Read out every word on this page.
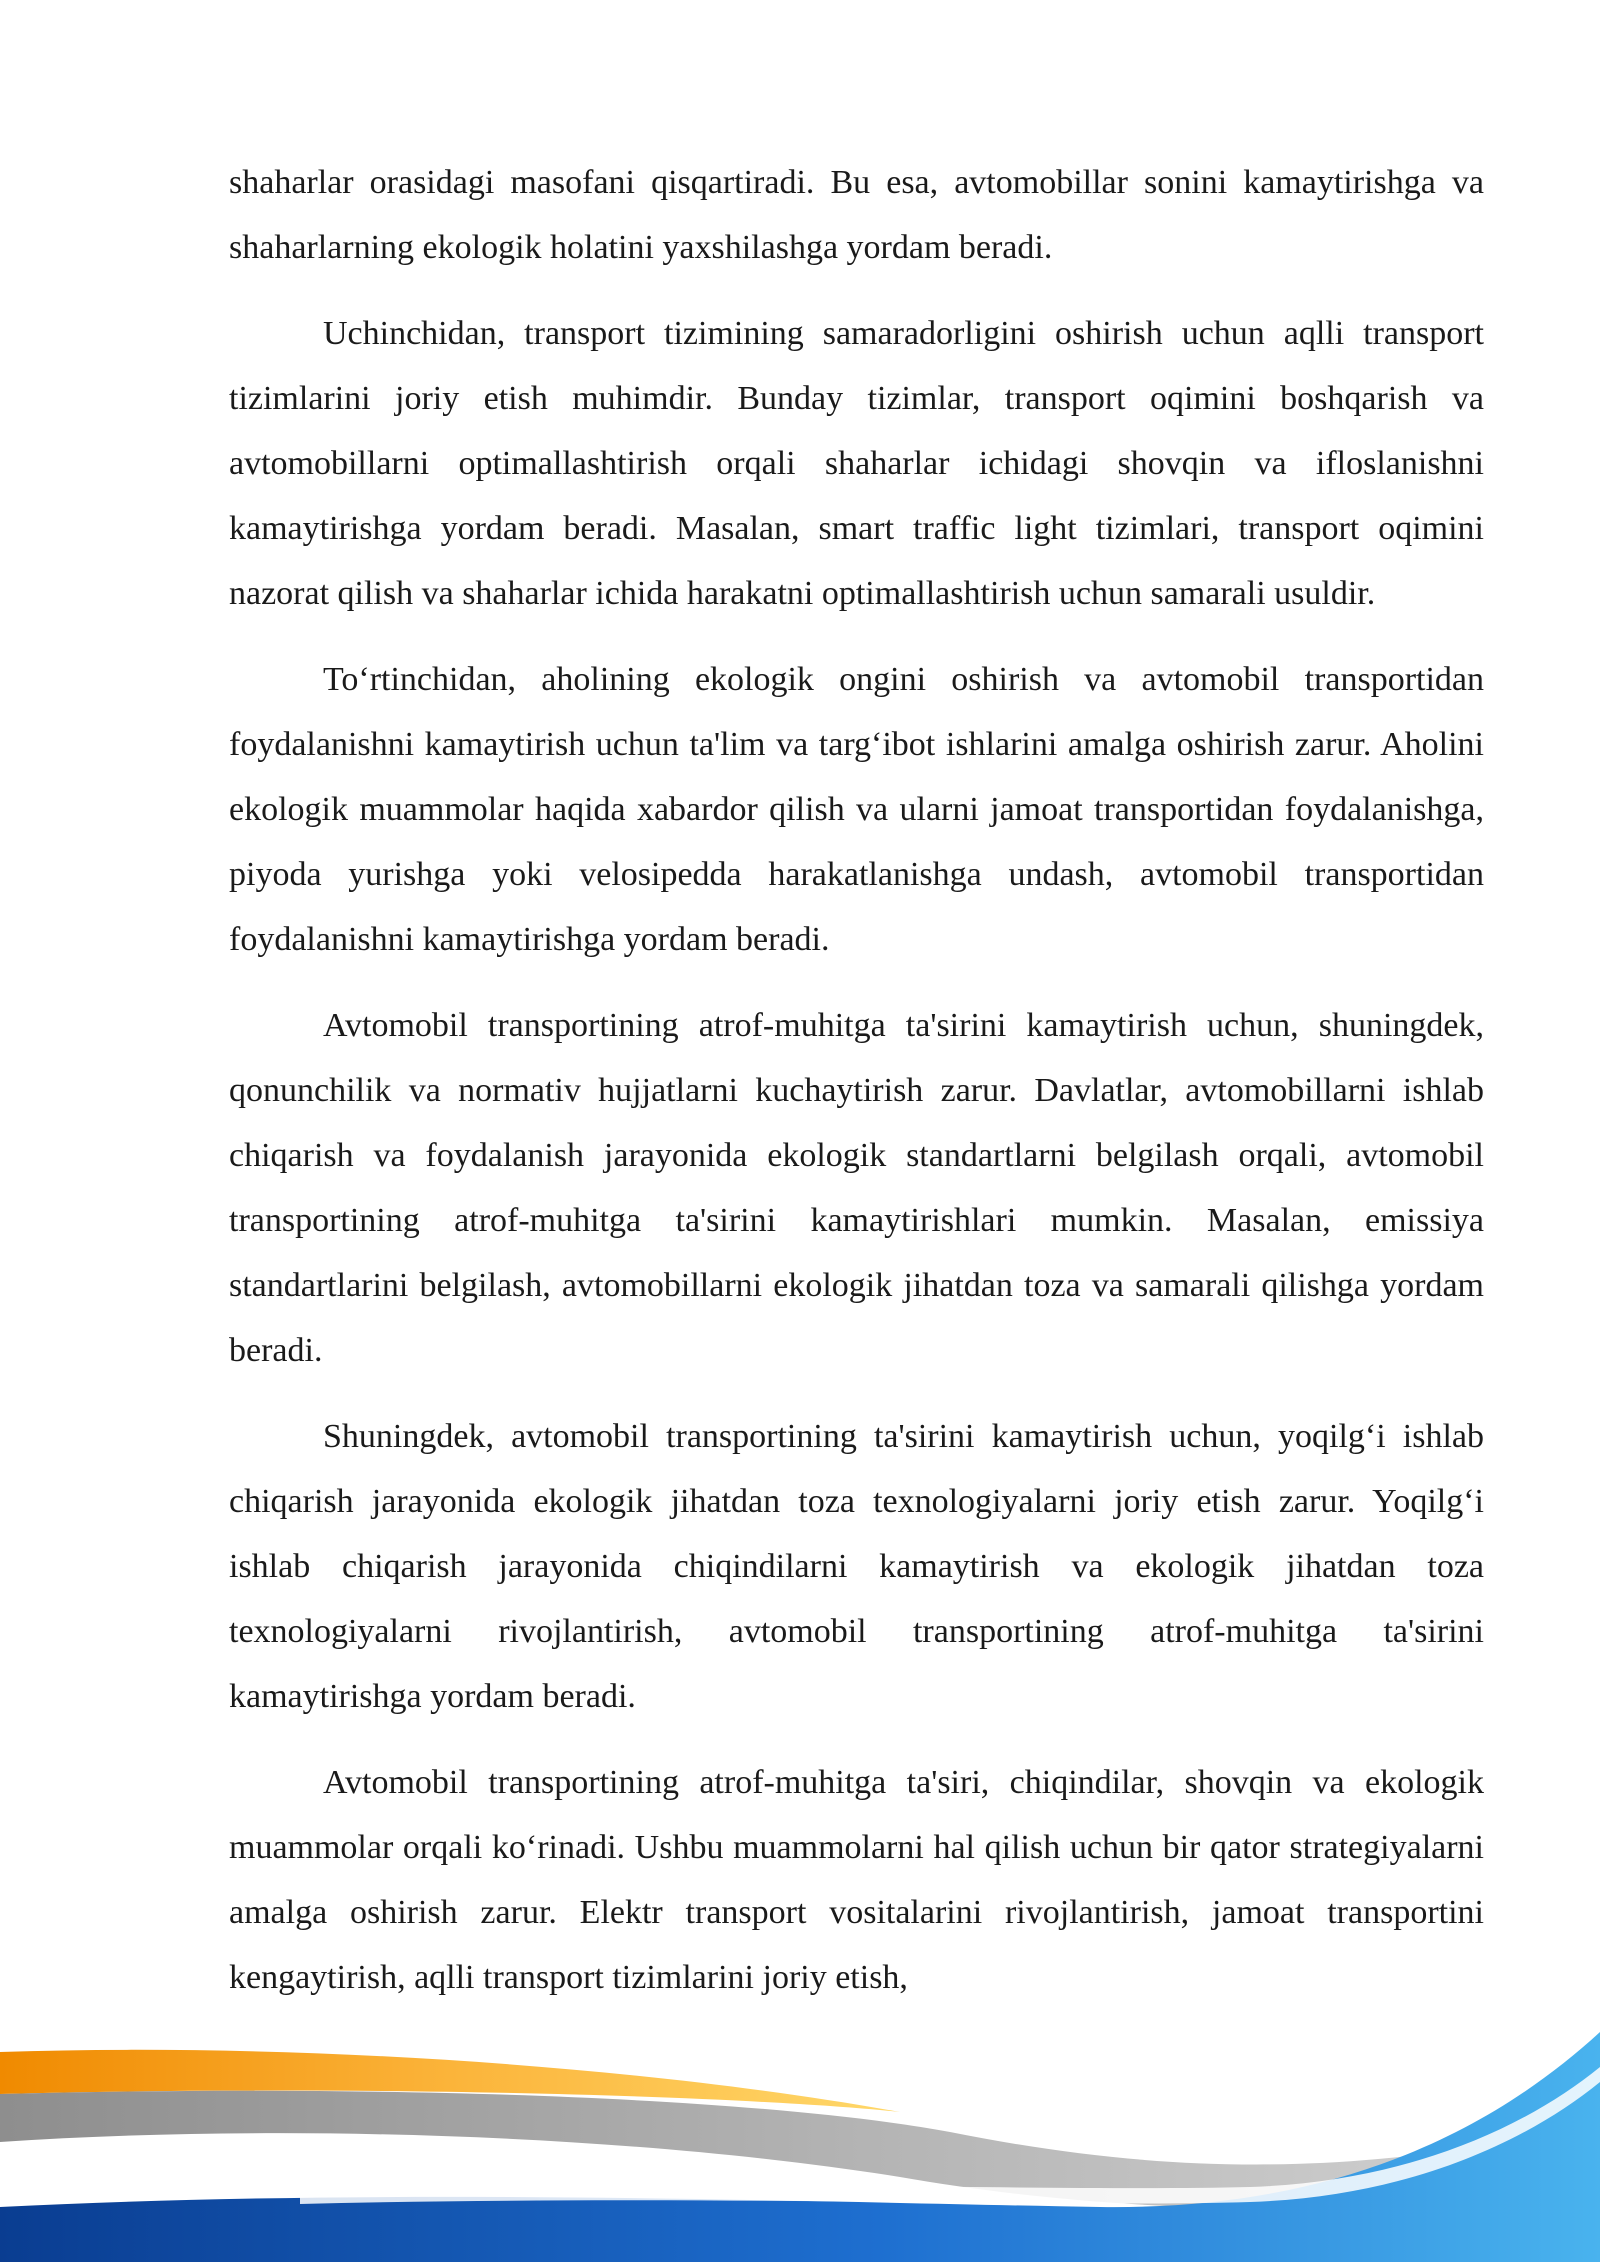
shaharlar orasidagi masofani qisqartiradi. Bu esa, avtomobillar sonini kamaytirishga va shaharlarning ekologik holatini yaxshilashga yordam beradi.

Uchinchidan, transport tizimining samaradorligini oshirish uchun aqlli transport tizimlarini joriy etish muhimdir. Bunday tizimlar, transport oqimini boshqarish va avtomobillarni optimallashtirish orqali shaharlar ichidagi shovqin va ifloslanishni kamaytirishga yordam beradi. Masalan, smart traffic light tizimlari, transport oqimini nazorat qilish va shaharlar ichida harakatni optimallashtirish uchun samarali usuldir.

To‘rtinchidan, aholining ekologik ongini oshirish va avtomobil transportidan foydalanishni kamaytirish uchun ta'lim va targ‘ibot ishlarini amalga oshirish zarur. Aholini ekologik muammolar haqida xabardor qilish va ularni jamoat transportidan foydalanishga, piyoda yurishga yoki velosipedda harakatlanishga undash, avtomobil transportidan foydalanishni kamaytirishga yordam beradi.

Avtomobil transportining atrof-muhitga ta'sirini kamaytirish uchun, shuningdek, qonunchilik va normativ hujjatlarni kuchaytirish zarur. Davlatlar, avtomobillarni ishlab chiqarish va foydalanish jarayonida ekologik standartlarni belgilash orqali, avtomobil transportining atrof-muhitga ta'sirini kamaytirishlari mumkin. Masalan, emissiya standartlarini belgilash, avtomobillarni ekologik jihatdan toza va samarali qilishga yordam beradi.

Shuningdek, avtomobil transportining ta'sirini kamaytirish uchun, yoqilg‘i ishlab chiqarish jarayonida ekologik jihatdan toza texnologiyalarni joriy etish zarur. Yoqilg‘i ishlab chiqarish jarayonida chiqindilarni kamaytirish va ekologik jihatdan toza texnologiyalarni rivojlantirish, avtomobil transportining atrof-muhitga ta'sirini kamaytirishga yordam beradi.

Avtomobil transportining atrof-muhitga ta'siri, chiqindilar, shovqin va ekologik muammolar orqali ko‘rinadi. Ushbu muammolarni hal qilish uchun bir qator strategiyalarni amalga oshirish zarur. Elektr transport vositalarini rivojlantirish, jamoat transportini kengaytirish, aqlli transport tizimlarini joriy etish,
